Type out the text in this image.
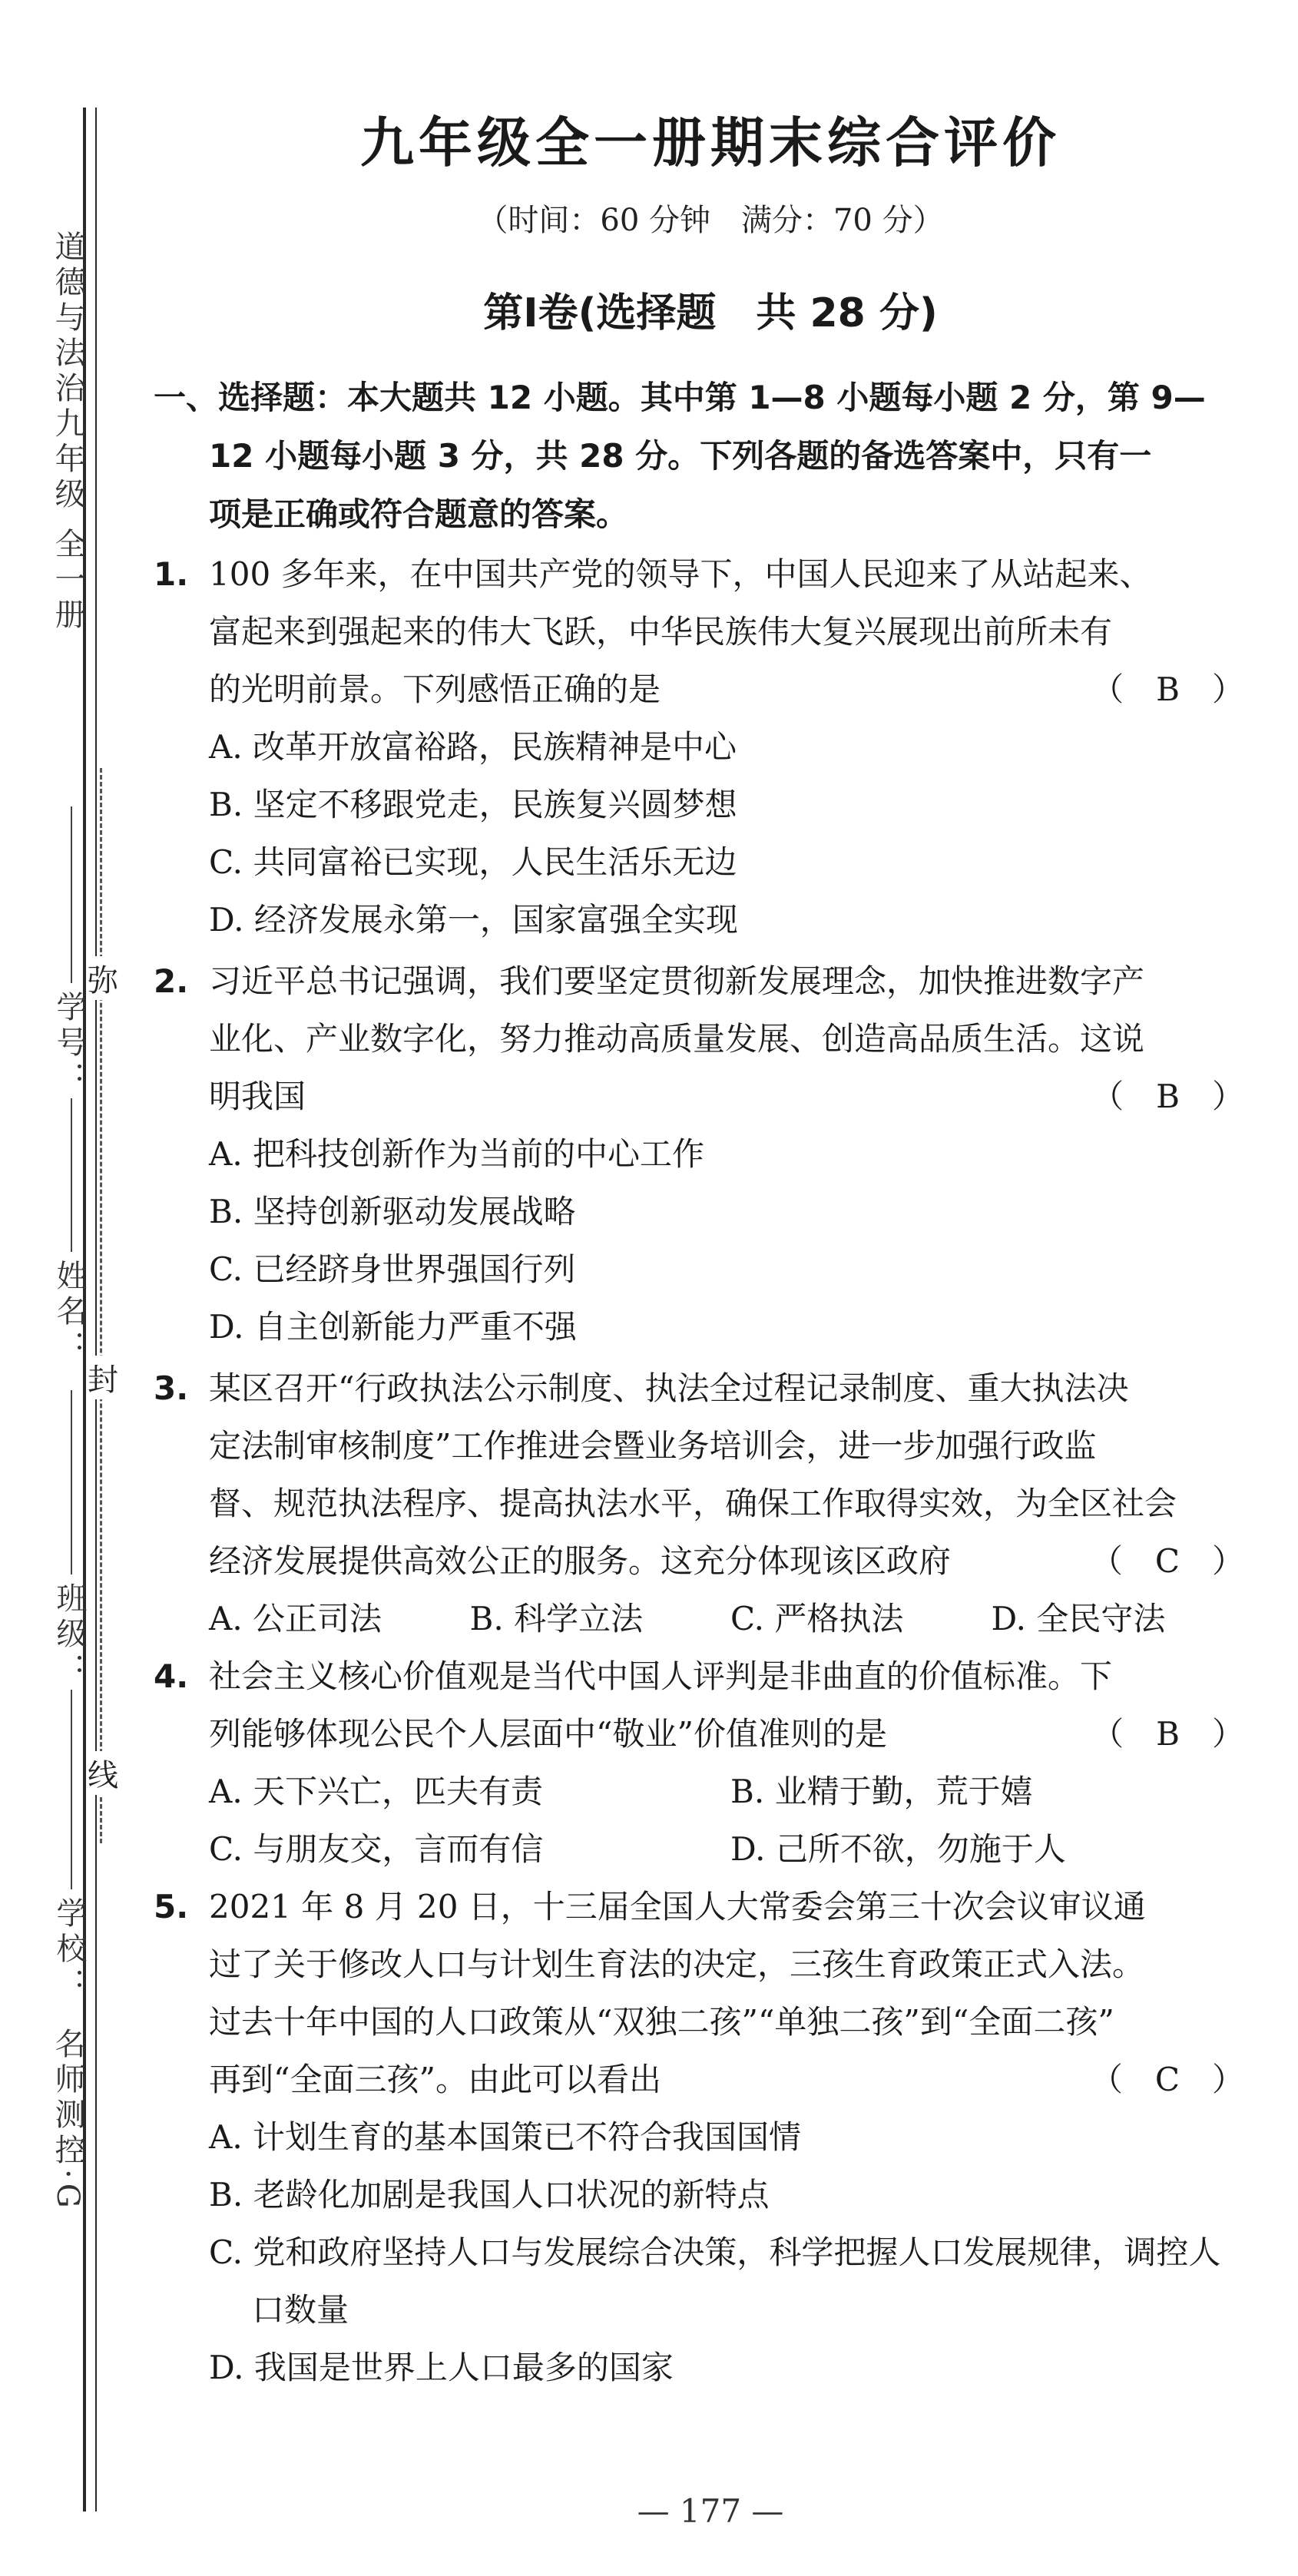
道德与法治九年级 全一册
名师测控·G
学号：
姓名：
班级：
学校：
弥
封
线
九年级全一册期末综合评价
（时间：60 分钟　满分：70 分）
第Ⅰ卷(选择题　共 28 分)
一、选择题：本大题共 12 小题。其中第 1—8 小题每小题 2 分，第 9—
12 小题每小题 3 分，共 28 分。下列各题的备选答案中，只有一
项是正确或符合题意的答案。
1. 100 多年来，在中国共产党的领导下，中国人民迎来了从站起来、
富起来到强起来的伟大飞跃，中华民族伟大复兴展现出前所未有
的光明前景。下列感悟正确的是	（　B　）
A. 改革开放富裕路，民族精神是中心
B. 坚定不移跟党走，民族复兴圆梦想
C. 共同富裕已实现，人民生活乐无边
D. 经济发展永第一，国家富强全实现
2. 习近平总书记强调，我们要坚定贯彻新发展理念，加快推进数字产
业化、产业数字化，努力推动高质量发展、创造高品质生活。这说
明我国	（　B　）
A. 把科技创新作为当前的中心工作
B. 坚持创新驱动发展战略
C. 已经跻身世界强国行列
D. 自主创新能力严重不强
3. 某区召开“行政执法公示制度、执法全过程记录制度、重大执法决
定法制审核制度”工作推进会暨业务培训会，进一步加强行政监
督、规范执法程序、提高执法水平，确保工作取得实效，为全区社会
经济发展提供高效公正的服务。这充分体现该区政府	（　C　）
A. 公正司法	B. 科学立法	C. 严格执法	D. 全民守法
4. 社会主义核心价值观是当代中国人评判是非曲直的价值标准。下
列能够体现公民个人层面中“敬业”价值准则的是	（　B　）
A. 天下兴亡，匹夫有责	B. 业精于勤，荒于嬉
C. 与朋友交，言而有信	D. 己所不欲，勿施于人
5. 2021 年 8 月 20 日，十三届全国人大常委会第三十次会议审议通
过了关于修改人口与计划生育法的决定，三孩生育政策正式入法。
过去十年中国的人口政策从“双独二孩”“单独二孩”到“全面二孩”
再到“全面三孩”。由此可以看出	（　C　）
A. 计划生育的基本国策已不符合我国国情
B. 老龄化加剧是我国人口状况的新特点
C. 党和政府坚持人口与发展综合决策，科学把握人口发展规律，调控人口数量
D. 我国是世界上人口最多的国家
— 177 —
